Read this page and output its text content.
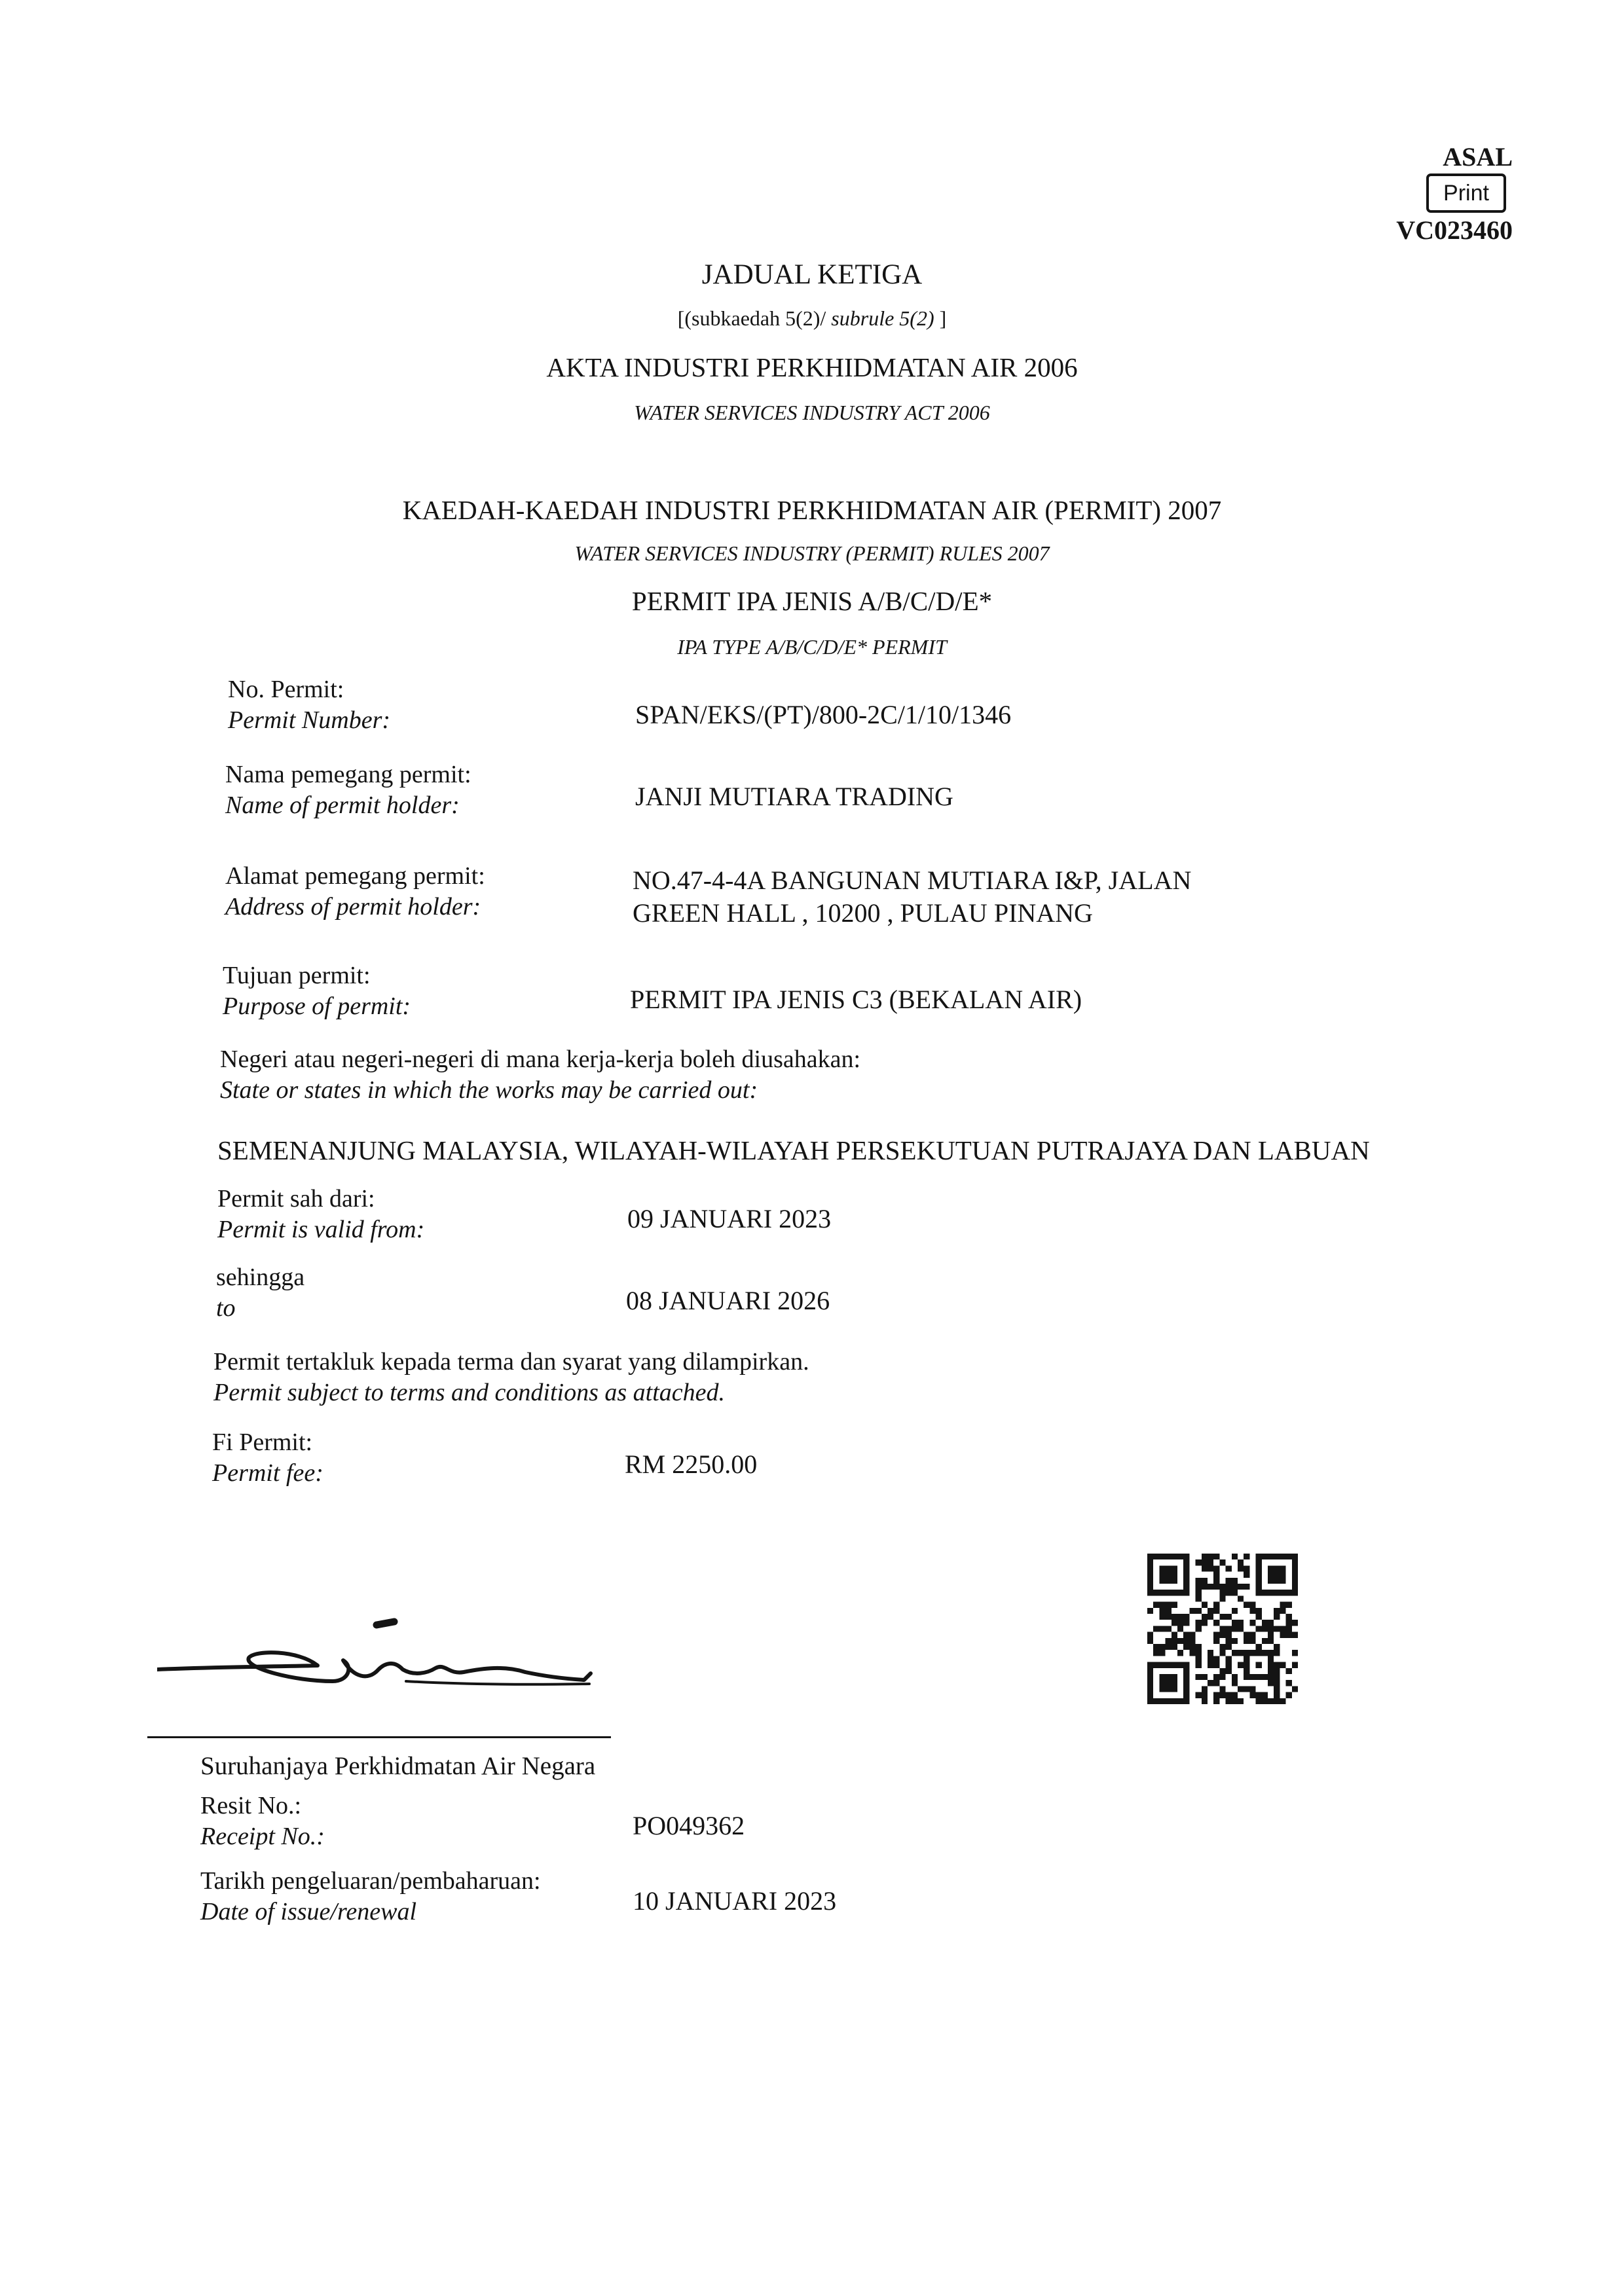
ASAL
Print
VC023460
JADUAL KETIGA
[(subkaedah 5(2)/ subrule 5(2) ]
AKTA INDUSTRI PERKHIDMATAN AIR 2006
WATER SERVICES INDUSTRY ACT 2006
KAEDAH-KAEDAH INDUSTRI PERKHIDMATAN AIR (PERMIT) 2007
WATER SERVICES INDUSTRY (PERMIT) RULES 2007
PERMIT IPA JENIS A/B/C/D/E*
IPA TYPE A/B/C/D/E* PERMIT
No. Permit:
Permit Number:	SPAN/EKS/(PT)/800-2C/1/10/1346
Nama pemegang permit:
Name of permit holder:	JANJI MUTIARA TRADING
Alamat pemegang permit:
Address of permit holder:
NO.47-4-4A BANGUNAN MUTIARA I&P, JALAN
GREEN HALL , 10200 , PULAU PINANG
Tujuan permit:
Purpose of permit:	PERMIT IPA JENIS C3 (BEKALAN AIR)
Negeri atau negeri-negeri di mana kerja-kerja boleh diusahakan:
State or states in which the works may be carried out:
SEMENANJUNG MALAYSIA, WILAYAH-WILAYAH PERSEKUTUAN PUTRAJAYA DAN LABUAN
Permit sah dari:
Permit is valid from:	09 JANUARI 2023
sehingga
to	08 JANUARI 2026
Permit tertakluk kepada terma dan syarat yang dilampirkan.
Permit subject to terms and conditions as attached.
Fi Permit:
Permit fee:	RM 2250.00
Suruhanjaya Perkhidmatan Air Negara
Resit No.:
Receipt No.:	PO049362
Tarikh pengeluaran/pembaharuan:
Date of issue/renewal	10 JANUARI 2023
